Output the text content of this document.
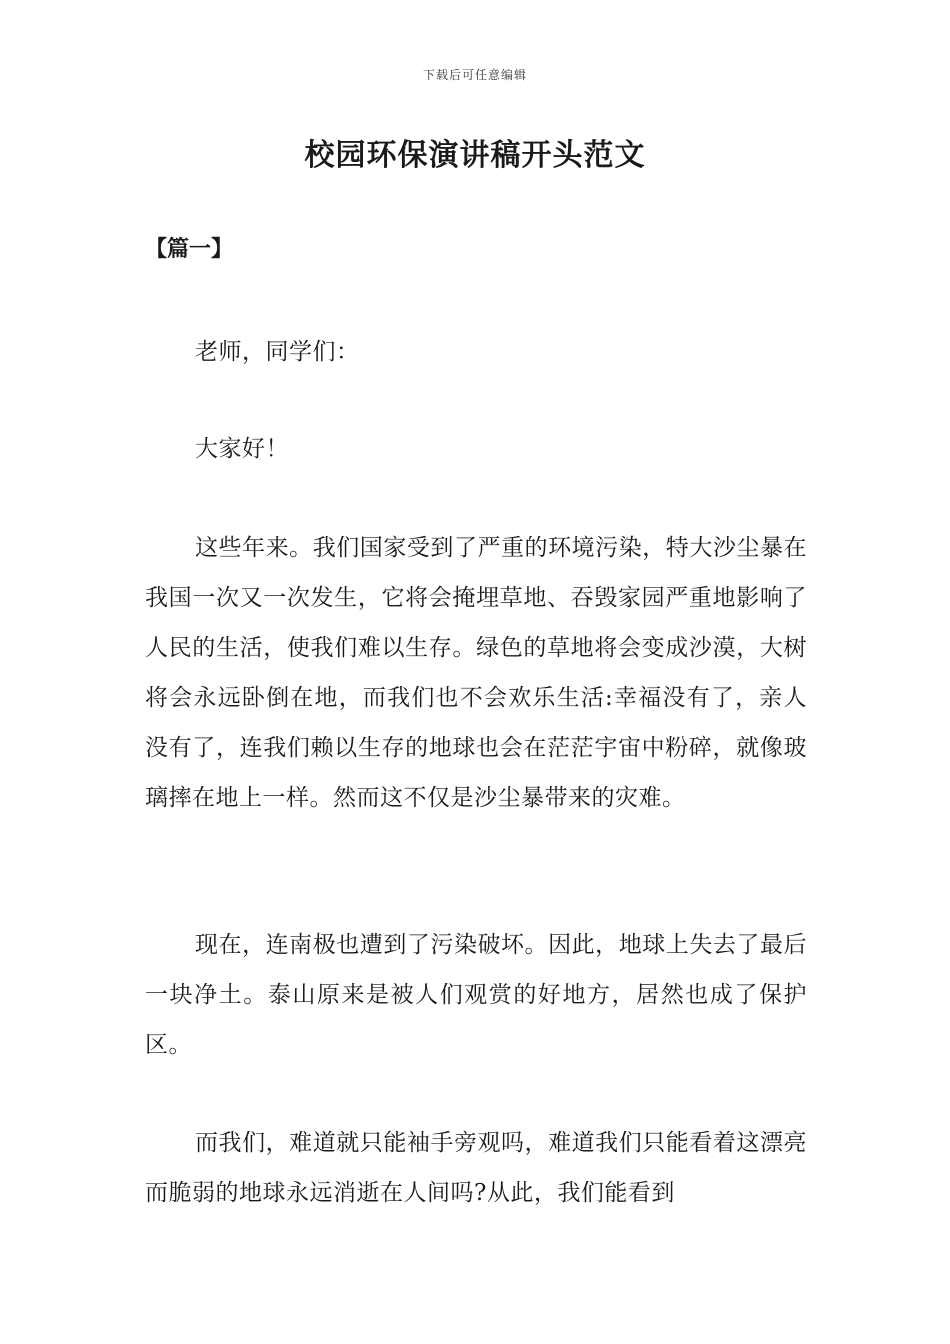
下载后可任意编辑
校园环保演讲稿开头范文
【篇一】

老师，同学们：

大家好！

这些年来。我们国家受到了严重的环境污染，特大沙尘暴在我国一次又一次发生，它将会掩埋草地、吞毁家园严重地影响了人民的生活，使我们难以生存。绿色的草地将会变成沙漠，大树将会永远卧倒在地，而我们也不会欢乐生活:幸福没有了，亲人没有了，连我们赖以生存的地球也会在茫茫宇宙中粉碎，就像玻璃摔在地上一样。然而这不仅是沙尘暴带来的灾难。

现在，连南极也遭到了污染破坏。因此，地球上失去了最后一块净土。泰山原来是被人们观赏的好地方，居然也成了保护区。

而我们，难道就只能袖手旁观吗，难道我们只能看着这漂亮而脆弱的地球永远消逝在人间吗?从此，我们能看到
